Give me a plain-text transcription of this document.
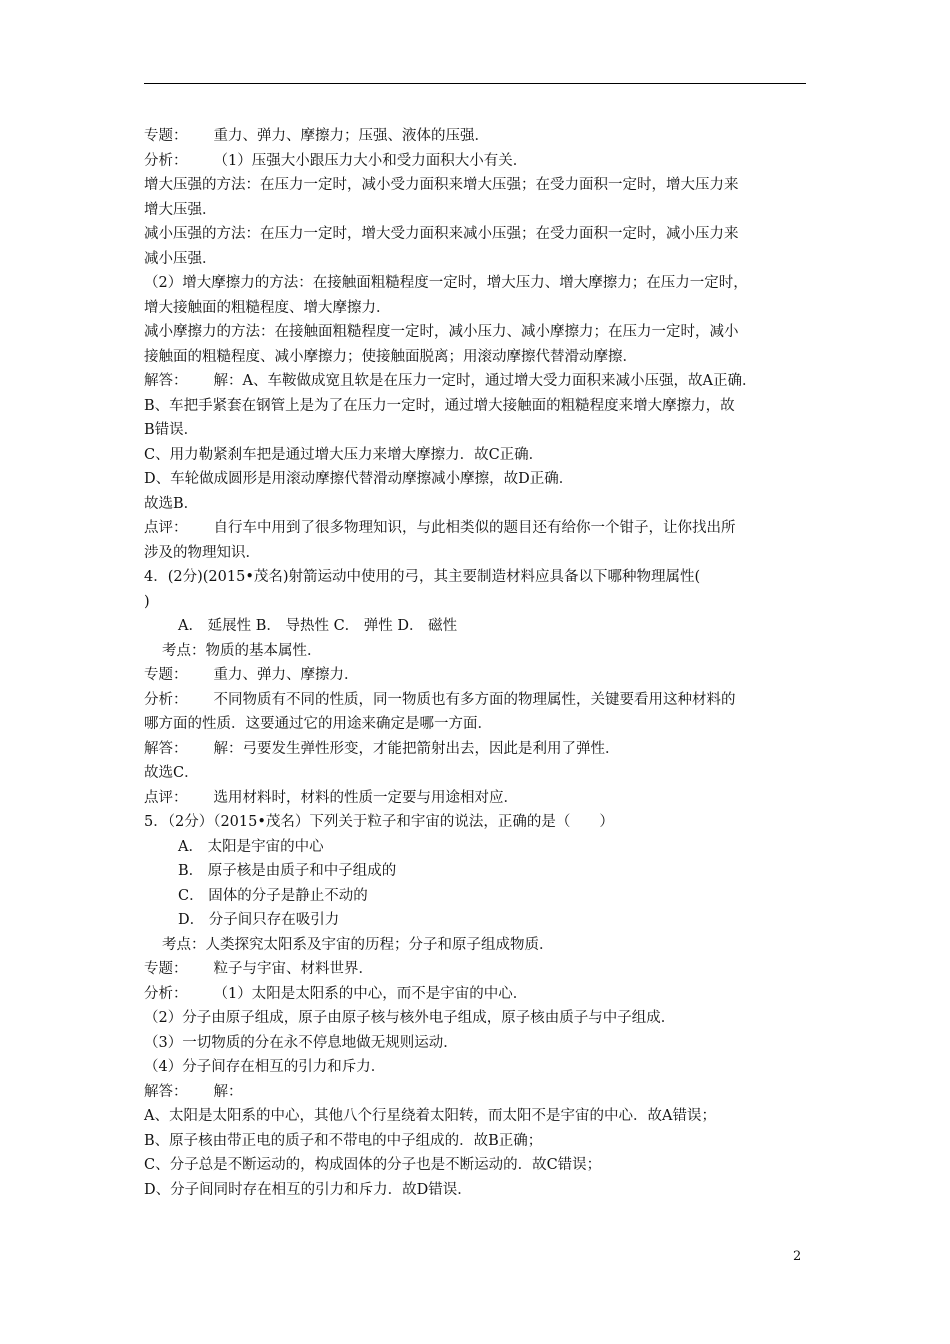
专题： 重力、弹力、摩擦力；压强、液体的压强．
分析： （1）压强大小跟压力大小和受力面积大小有关．
增大压强的方法：在压力一定时，减小受力面积来增大压强；在受力面积一定时，增大压力来
增大压强．
减小压强的方法：在压力一定时，增大受力面积来减小压强；在受力面积一定时，减小压力来
减小压强．
（2）增大摩擦力的方法：在接触面粗糙程度一定时，增大压力、增大摩擦力；在压力一定时，
增大接触面的粗糙程度、增大摩擦力．
减小摩擦力的方法：在接触面粗糙程度一定时，减小压力、减小摩擦力；在压力一定时，减小
接触面的粗糙程度、减小摩擦力；使接触面脱离；用滚动摩擦代替滑动摩擦．
解答： 解：A、车鞍做成宽且软是在压力一定时，通过增大受力面积来减小压强，故A正确．
B、车把手紧套在钢管上是为了在压力一定时，通过增大接触面的粗糙程度来增大摩擦力，故
B错误．
C、用力勒紧刹车把是通过增大压力来增大摩擦力．故C正确．
D、车轮做成圆形是用滚动摩擦代替滑动摩擦减小摩擦，故D正确．
故选B．
点评： 自行车中用到了很多物理知识，与此相类似的题目还有给你一个钳子，让你找出所
涉及的物理知识．
4．(2分)(2015•茂名)射箭运动中使用的弓，其主要制造材料应具备以下哪种物理属性(
)
A． 延展性 B． 导热性 C． 弹性 D． 磁性
考点：物质的基本属性．
专题： 重力、弹力、摩擦力．
分析： 不同物质有不同的性质，同一物质也有多方面的物理属性，关键要看用这种材料的
哪方面的性质．这要通过它的用途来确定是哪一方面．
解答： 解：弓要发生弹性形变，才能把箭射出去，因此是利用了弹性．
故选C．
点评： 选用材料时，材料的性质一定要与用途相对应．
5．（2分）（2015•茂名）下列关于粒子和宇宙的说法，正确的是（　　）
A． 太阳是宇宙的中心
B． 原子核是由质子和中子组成的
C． 固体的分子是静止不动的
D． 分子间只存在吸引力
考点：人类探究太阳系及宇宙的历程；分子和原子组成物质．
专题： 粒子与宇宙、材料世界．
分析： （1）太阳是太阳系的中心，而不是宇宙的中心．
（2）分子由原子组成，原子由原子核与核外电子组成，原子核由质子与中子组成．
（3）一切物质的分在永不停息地做无规则运动．
（4）分子间存在相互的引力和斥力．
解答： 解：
A、太阳是太阳系的中心，其他八个行星绕着太阳转，而太阳不是宇宙的中心．故A错误；
B、原子核由带正电的质子和不带电的中子组成的．故B正确；
C、分子总是不断运动的，构成固体的分子也是不断运动的．故C错误；
D、分子间同时存在相互的引力和斥力．故D错误．
2
